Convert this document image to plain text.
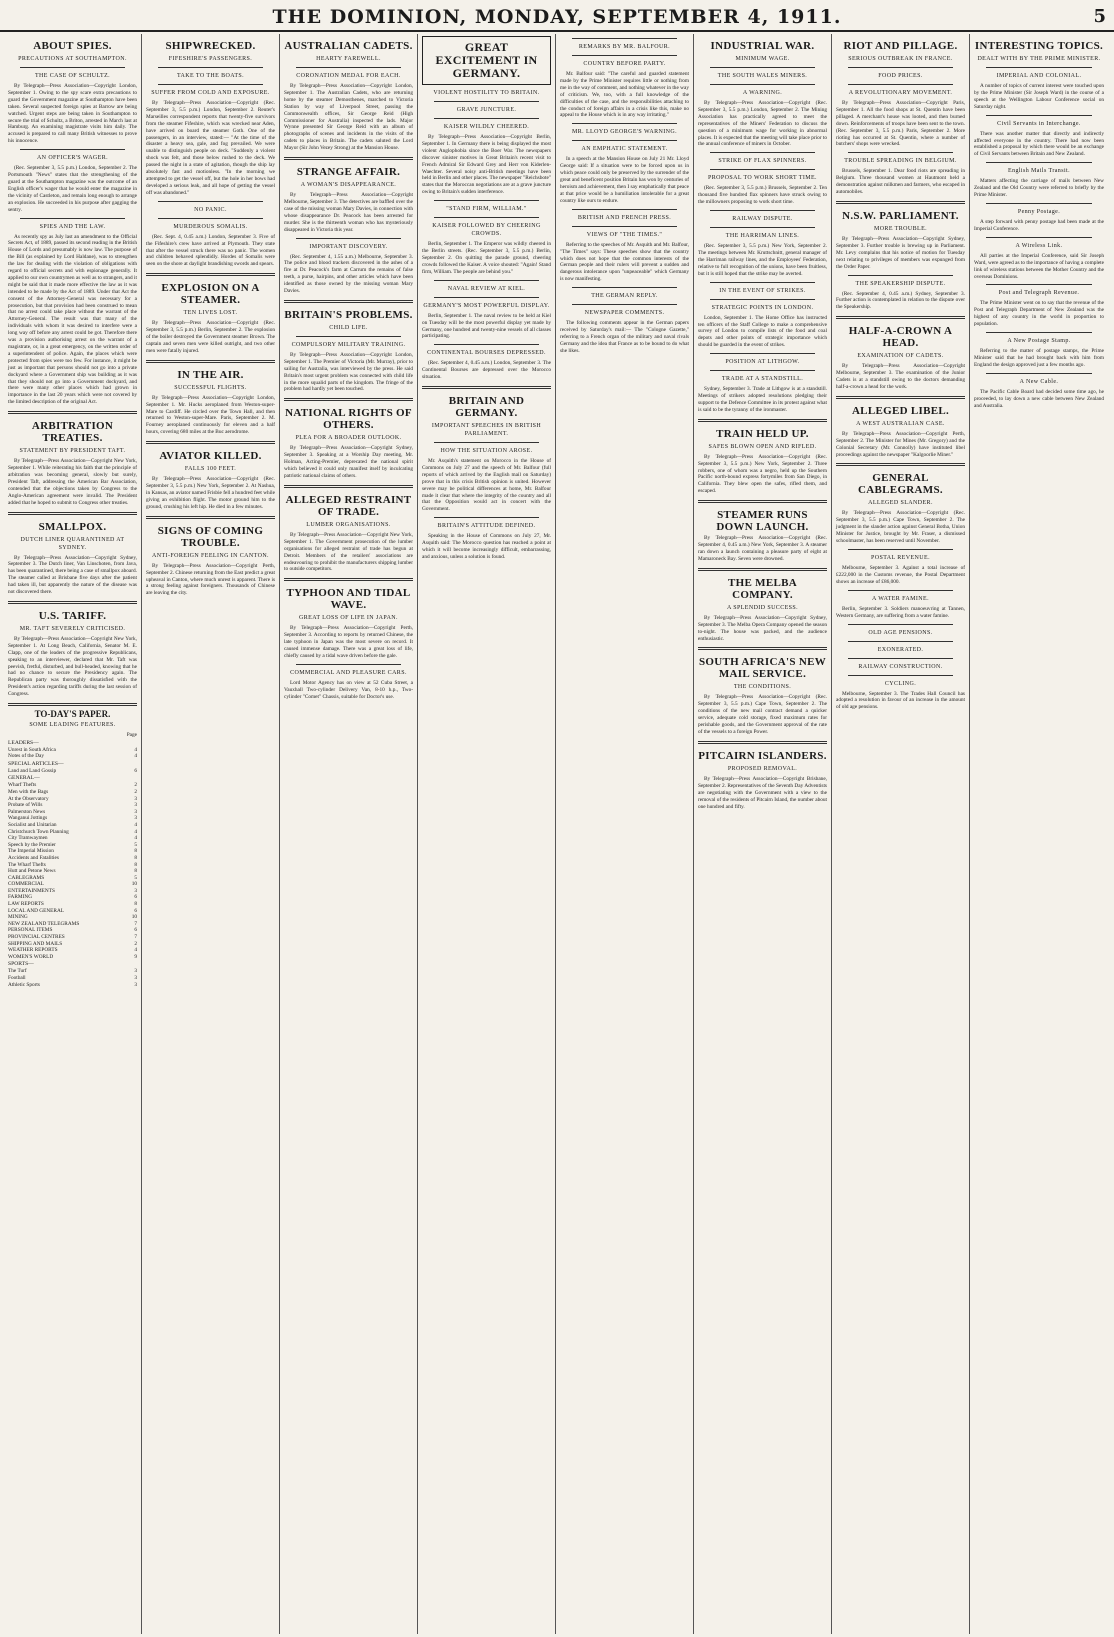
THE DOMINION, MONDAY, SEPTEMBER 4, 1911.	5
ABOUT SPIES.
PRECAUTIONS AT SOUTHAMPTON.
THE CASE OF SCHULTZ.

By Telegraph—Press Association—Copyright London, September 1. Owing to the spy scare extra precautions to guard the Government magazine at Southampton have been taken. Several suspected foreign spies at Barrow are being watched. Urgent steps are being taken in Southampton to secure the trial of Schultz, a Briton, arrested in March last at Hamburg. An examining magistrate visits him daily. The accused is prepared to call many British witnesses to prove his innocence.

AN OFFICER'S WAGER.

(Rec. September 3, 5.5 p.m.) London, September 2. The Portsmouth "News" states that the strengthening of the guard at the Southampton magazine was the outcome of an English officer's wager that he would enter the magazine in the vicinity of Castleton, and remain long enough to arrange an explosion. He succeeded in his purpose after gagging the sentry.

SPIES AND THE LAW.

As recently spy as July last an amendment to the Official Secrets Act, of 1889, passed its second reading in the British House of Lords and presumably is now law. The purpose of the Bill (as explained by Lord Haldane), was to strengthen the law for dealing with the violation of obligations with regard to official secrets and with espionage generally. It applied to our own countrymen as well as to strangers, and it might be said that it made more effective the law as it was intended to be made by the Act of 1889. Under that Act the consent of the Attorney-General was necessary for a prosecution, but that provision had been construed to mean that no arrest could take place without the warrant of the Attorney-General. The result was that many of the individuals with whom it was desired to interfere were a long way off before any arrest could be got. Therefore there was a provision authorising arrest on the warrant of a magistrate, or, in a great emergency, on the written order of a superintendent of police. Again, the places which were protected from spies were too few. For instance, it might be just as important that persons should not go into a private dockyard where a Government ship was building as it was that they should not go into a Government dockyard, and there were many other places which had grown in importance in the last 20 years which were not covered by the limited description of the original Act.

ARBITRATION TREATIES.
STATEMENT BY PRESIDENT TAFT.

By Telegraph—Press Association—Copyright New York, September 1. While reiterating his faith that the principle of arbitration was becoming general, slowly but surely, President Taft, addressing the American Bar Association, contended that the objections taken by Congress to the Anglo-American agreement were invalid. The President added that he hoped to submit to Congress other treaties.

SMALLPOX.
DUTCH LINER QUARANTINED AT SYDNEY.

By Telegraph—Press Association—Copyright Sydney, September 3. The Dutch liner, Van Linschoten, from Java, has been quarantined, there being a case of smallpox aboard. The steamer called at Brisbane five days after the patient had taken ill, but apparently the nature of the disease was not discovered there.

U.S. TARIFF.
MR. TAFT SEVERELY CRITICISED.

By Telegraph—Press Association—Copyright New York, September 1. At Long Beach, California, Senator M. E. Clapp, one of the leaders of the progressive Republicans, speaking to an interviewer, declared that Mr. Taft was peevish, fretful, disturbed, and bull-headed, knowing that he had no chance to secure the Presidency again. The Republican party was thoroughly dissatisfied with the President's action regarding tariffs during the last session of Congress.

TO-DAY'S PAPER.
SOME LEADING FEATURES.
Page
LEADERS—
Unrest in South Africa	4
Notes of the Day	4
SPECIAL ARTICLES—
Land and Land Gossip	6
GENERAL—
Wharf Thefts	2
Men with the Bags	2
At the Observatory	3
Probate of Wills	3
Palmerston News	3
Wanganui Jottings	3
Socialist and Unitarian	4
Christchurch Town Planning	4
City Tramwaymen	4
Speech by the Premier	5
The Imperial Mission	8
Accidents and Fatalities	8
The Wharf Thefts	8
Hutt and Petone News	8
CABLEGRAMS	5
COMMERCIAL	10
ENTERTAINMENTS	3
FARMING	6
LAW REPORTS	8
LOCAL AND GENERAL	6
MINING	10
NEW ZEALAND TELEGRAMS	7
PERSONAL ITEMS	6
PROVINCIAL CENTRES	7
SHIPPING AND MAILS	2
WEATHER REPORTS	4
WOMEN'S WORLD	9
SPORTS—
The Turf	3
Football	3
Athletic Sports	3
SHIPWRECKED.
FIFESHIRE'S PASSENGERS.
TAKE TO THE BOATS.
SUFFER FROM COLD AND EXPOSURE.

By Telegraph—Press Association—Copyright (Rec. September 3, 5.5 p.m.) London, September 2. Reuter's Marseilles correspondent reports that twenty-five survivors from the steamer Fifeshire, which was wrecked near Aden, have arrived on board the steamer Goth. One of the passengers, in an interview, stated:— "At the time of the disaster a heavy sea, gale, and fog prevailed. We were unable to distinguish people on deck. "Suddenly a violent shock was felt, and those below rushed to the deck. We passed the night in a state of agitation, though the ship lay absolutely fast and motionless. "In the morning we attempted to get the vessel off, but the hole in her bows had developed a serious leak, and all hope of getting the vessel off was abandoned."

NO PANIC.
MURDEROUS SOMALIS.

(Rec. Sept. 4, 0.45 a.m.) London, September 3. Five of the Fifeshire's crew have arrived at Plymouth. They state that after the vessel struck there was no panic. The women and children behaved splendidly. Hordes of Somalis were seen on the shore at daylight brandishing swords and spears.

EXPLOSION ON A STEAMER.
TEN LIVES LOST.

By Telegraph—Press Association—Copyright (Rec. September 3, 5.5 p.m.) Berlin, September 2. The explosion of the boiler destroyed the Government steamer Brown. The captain and seven men were killed outright, and two other men were fatally injured.

IN THE AIR.
SUCCESSFUL FLIGHTS.

By Telegraph—Press Association—Copyright London, September 1. Mr. Hucks aeroplaned from Weston-super-Mare to Cardiff. He circled over the Town Hall, and then returned to Weston-super-Mare. Paris, September 2. M. Fourney aeroplaned continuously for eleven and a half hours, covering 680 miles at the Buc aerodrome.

AVIATOR KILLED.
FALLS 100 FEET.

By Telegraph—Press Association—Copyright (Rec. September 3, 5.5 p.m.) New York, September 2. At Nashua, in Kansas, an aviator named Frisbie fell a hundred feet while giving an exhibition flight. The motor ground him to the ground, crushing his left hip. He died in a few minutes.

SIGNS OF COMING TROUBLE.
ANTI-FOREIGN FEELING IN CANTON.

By Telegraph—Press Association—Copyright Perth, September 2. Chinese returning from the East predict a great upheaval in Canton, where much unrest is apparent. There is a strong feeling against foreigners. Thousands of Chinese are leaving the city.

AUSTRALIAN CADETS.
HEARTY FAREWELL.
CORONATION MEDAL FOR EACH.

By Telegraph—Press Association—Copyright London, September 1. The Australian Cadets, who are returning home by the steamer Demosthenes, marched to Victoria Station by way of Liverpool Street, passing the Commonwealth offices, Sir George Reid (High Commissioner for Australia) inspected the lads. Major Wynne presented Sir George Reid with an album of photographs of scenes and incidents in the visits of the cadets to places in Britain. The cadets saluted the Lord Mayor (Sir John Vezey Strong) at the Mansion House.

STRANGE AFFAIR.
A WOMAN'S DISAPPEARANCE.

By Telegraph—Press Association—Copyright Melbourne, September 3. The detectives are baffled over the case of the missing woman Mary Davies, in connection with whose disappearance Dr. Peacock has been arrested for murder. She is the thirteenth woman who has mysteriously disappeared in Victoria this year.

IMPORTANT DISCOVERY.

(Rec. September 4, 1.55 a.m.) Melbourne, September 3. The police and blood trackers discovered in the ashes of a fire at Dr. Peacock's farm at Carrum the remains of false teeth, a purse, hairpins, and other articles which have been identified as those owned by the missing woman Mary Davies.

BRITAIN'S PROBLEMS.
CHILD LIFE.
COMPULSORY MILITARY TRAINING.

By Telegraph—Press Association—Copyright London, September 1. The Premier of Victoria (Mr. Murray), prior to sailing for Australia, was interviewed by the press. He said Britain's most urgent problem was connected with child life in the more squalid parts of the kingdom. The fringe of the problem had hardly yet been touched.

NATIONAL RIGHTS OF OTHERS.
PLEA FOR A BROADER OUTLOOK.

By Telegraph—Press Association—Copyright Sydney, September 3. Speaking at a Worship Day meeting, Mr. Holman, Acting-Premier, deprecated the national spirit which believed it could only manifest itself by inculcating patriotic national claims of others.

ALLEGED RESTRAINT OF TRADE.
LUMBER ORGANISATIONS.

By Telegraph—Press Association—Copyright New York, September 1. The Government prosecution of the lumber organisations for alleged restraint of trade has begun at Detroit. Members of the retailers' associations are endeavouring to prohibit the manufacturers shipping lumber to outside competitors.

TYPHOON AND TIDAL WAVE.
GREAT LOSS OF LIFE IN JAPAN.

By Telegraph—Press Association—Copyright Perth, September 3. According to reports by returned Chinese, the late typhoon in Japan was the most severe on record. It caused immense damage. There was a great loss of life, chiefly caused by a tidal wave driven before the gale.

COMMERCIAL AND PLEASURE CARS.

Lord Motor Agency has on view at 52 Cuba Street, a Vauxhall Two-cylinder Delivery Van, 8-10 h.p., Two-cylinder "Comet" Chassis, suitable for Doctor's use.

GREAT EXCITEMENT IN GERMANY.
VIOLENT HOSTILITY TO BRITAIN.
GRAVE JUNCTURE.
KAISER WILDLY CHEERED.

By Telegraph—Press Association—Copyright Berlin, September 1. In Germany there is being displayed the most violent Anglophobia since the Boer War. The newspapers discover sinister motives in Great Britain's recent visit to French Admiral Sir Edward Grey and Herr von Kiderlen-Waechter. Several noisy anti-British meetings have been held in Berlin and other places. The newspaper "Reichsbote" states that the Moroccan negotiations are at a grave juncture owing to Britain's sudden interference.

"STAND FIRM, WILLIAM."
KAISER FOLLOWED BY CHEERING CROWDS.

Berlin, September 1. The Emperor was wildly cheered in the Berlin streets. (Rec. September 3, 5.5 p.m.) Berlin, September 2. On quitting the parade ground, cheering crowds followed the Kaiser. A voice shouted: "Again! Stand firm, William. The people are behind you."

NAVAL REVIEW AT KIEL.
GERMANY'S MOST POWERFUL DISPLAY.

Berlin, September 1. The naval review to be held at Kiel on Tuesday will be the most powerful display yet made by Germany, one hundred and twenty-nine vessels of all classes participating.

CONTINENTAL BOURSES DEPRESSED.

(Rec. September 4, 0.45 a.m.) London, September 3. The Continental Bourses are depressed over the Morocco situation.

BRITAIN AND GERMANY.
IMPORTANT SPEECHES IN BRITISH PARLIAMENT.
HOW THE SITUATION AROSE.

Mr. Asquith's statement on Morocco in the House of Commons on July 27 and the speech of Mr. Balfour (full reports of which arrived by the English mail on Saturday) prove that in this crisis British opinion is united. However severe may be political differences at home, Mr. Balfour made it clear that where the integrity of the country and all that the Opposition would act in concert with the Government.

BRITAIN'S ATTITUDE DEFINED.

Speaking in the House of Commons on July 27, Mr. Asquith said: The Morocco question has reached a point at which it will become increasingly difficult, embarrassing, and anxious, unless a solution is found.

REMARKS BY MR. BALFOUR.
COUNTRY BEFORE PARTY.

Mr. Balfour said: "The careful and guarded statement made by the Prime Minister requires little or nothing from me in the way of comment, and nothing whatever in the way of criticism. We, too, with a full knowledge of the difficulties of the case, and the responsibilities attaching to the conduct of foreign affairs in a crisis like this, make no appeal to the House which is in any way irritating."

MR. LLOYD GEORGE'S WARNING.
AN EMPHATIC STATEMENT.

In a speech at the Mansion House on July 21 Mr. Lloyd George said: If a situation were to be forced upon us in which peace could only be preserved by the surrender of the great and beneficent position Britain has won by centuries of heroism and achievement, then I say emphatically that peace at that price would be a humiliation intolerable for a great country like ours to endure.

BRITISH AND FRENCH PRESS.
VIEWS OF "THE TIMES."

Referring to the speeches of Mr. Asquith and Mr. Balfour, "The Times" says: These speeches show that the country which does not hope that the common interests of the German people and their rulers will prevent a sudden and dangerous intolerance upon "unpeaceable" which Germany is now manifesting.

THE GERMAN REPLY.
NEWSPAPER COMMENTS.

The following comments appear in the German papers received by Saturday's mail:— The "Cologne Gazette," referring to a French organ of the military and naval rivals Germany and the idea that France as to be bound to do what she likes.

INDUSTRIAL WAR.
MINIMUM WAGE.
THE SOUTH WALES MINERS.
A WARNING.

By Telegraph—Press Association—Copyright (Rec. September 3, 5.5 p.m.) London, September 2. The Mining Association has practically agreed to meet the representatives of the Miners' Federation to discuss the question of a minimum wage for working in abnormal places. It is expected that the meeting will take place prior to the annual conference of miners in October.

STRIKE OF FLAX SPINNERS.
PROPOSAL TO WORK SHORT TIME.

(Rec. September 3, 5.5 p.m.) Brussels, September 2. Ten thousand five hundred flax spinners have struck owing to the millowners proposing to work short time.

RAILWAY DISPUTE.
THE HARRIMAN LINES.

(Rec. September 3, 5.5 p.m.) New York, September 2. The meetings between Mr. Kruttschnitt, general manager of the Harriman railway lines, and the Employees' Federation, relative to full recognition of the unions, have been fruitless, but it is still hoped that the strike may be averted.

IN THE EVENT OF STRIKES.
STRATEGIC POINTS IN LONDON.

London, September 1. The Home Office has instructed ten officers of the Staff College to make a comprehensive survey of London to compile lists of the food and coal depots and other points of strategic importance which should be guarded in the event of strikes.

POSITION AT LITHGOW.
TRADE AT A STANDSTILL.

Sydney, September 3. Trade at Lithgow is at a standstill. Meetings of strikers adopted resolutions pledging their support to the Defence Committee in its protest against what is said to be the tyranny of the ironmaster.

TRAIN HELD UP.
SAFES BLOWN OPEN AND RIFLED.

By Telegraph—Press Association—Copyright (Rec. September 3, 5.5 p.m.) New York, September 2. Three robbers, one of whom was a negro, held up the Southern Pacific north-bound express fortymiles from San Diego, in California. They blew open the safes, rifled them, and escaped.

STEAMER RUNS DOWN LAUNCH.

By Telegraph—Press Association—Copyright (Rec. September 4, 0.45 a.m.) New York, September 3. A steamer ran down a launch containing a pleasure party of eight at Mamaroneck Bay. Seven were drowned.

THE MELBA COMPANY.
A SPLENDID SUCCESS.

By Telegraph—Press Association—Copyright Sydney, September 3. The Melba Opera Company opened the season to-night. The house was packed, and the audience enthusiastic.

SOUTH AFRICA'S NEW MAIL SERVICE.
THE CONDITIONS.

By Telegraph—Press Association—Copyright (Rec. September 3, 5.5 p.m.) Cape Town, September 2. The conditions of the new mail contract demand a quicker service, adequate cold storage, fixed maximum rates for perishable goods, and the Government approval of the rate of the vessels to a foreign Power.

PITCAIRN ISLANDERS.
PROPOSED REMOVAL.

By Telegraph—Press Association—Copyright Brisbane, September 2. Representatives of the Seventh Day Adventists are negotiating with the Government with a view to the removal of the residents of Pitcairn Island, the number about one hundred and fifty.

RIOT AND PILLAGE.
SERIOUS OUTBREAK IN FRANCE.
FOOD PRICES.
A REVOLUTIONARY MOVEMENT.

By Telegraph—Press Association—Copyright Paris, September 1. All the food shops at St. Quentin have been pillaged. A merchant's house was looted, and then burned down. Reinforcements of troops have been sent to the town. (Rec. September 3, 5.5 p.m.) Paris, September 2. More rioting has occurred at St. Quentin, where a number of butchers' shops were wrecked.

TROUBLE SPREADING IN BELGIUM.

Brussels, September 1. Dear food riots are spreading in Belgium. Three thousand women at Hautmont held a demonstration against milkmen and farmers, who escaped in automobiles.

N.S.W. PARLIAMENT.
MORE TROUBLE.

By Telegraph—Press Association—Copyright Sydney, September 3. Further trouble is brewing up in Parliament. Mr. Levy complains that his notice of motion for Tuesday next relating to privileges of members was expunged from the Order Paper.

THE SPEAKERSHIP DISPUTE.

(Rec. September 4, 0.45 a.m.) Sydney, September 3. Further action is contemplated in relation to the dispute over the Speakership.

HALF-A-CROWN A HEAD.
EXAMINATION OF CADETS.

By Telegraph—Press Association—Copyright Melbourne, September 3. The examination of the Junior Cadets is at a standstill owing to the doctors demanding half-a-crown a head for the work.

ALLEGED LIBEL.
A WEST AUSTRALIAN CASE.

By Telegraph—Press Association—Copyright Perth, September 2. The Minister for Mines (Mr. Gregory) and the Colonial Secretary (Mr. Connolly) have instituted libel proceedings against the newspaper "Kalgoorlie Miner."

GENERAL CABLEGRAMS.
ALLEGED SLANDER.

By Telegraph—Press Association—Copyright (Rec. September 3, 5.5 p.m.) Cape Town, September 2. The judgment in the slander action against General Botha, Union Minister for Justice, brought by Mr. Fraser, a dismissed schoolmaster, has been reserved until November.

POSTAL REVENUE.

Melbourne, September 3. Against a total increase of £222,000 in the Customs revenue, the Postal Department shows an increase of £86,000.

A WATER FAMINE.

Berlin, September 3. Soldiers manoeuvring at Tannen, Western Germany, are suffering from a water famine.

OLD AGE PENSIONS.
EXONERATED.
RAILWAY CONSTRUCTION.
CYCLING.

Melbourne, September 3. The Trades Hall Council has adopted a resolution in favour of an increase in the amount of old age pensions.

INTERESTING TOPICS.
DEALT WITH BY THE PRIME MINISTER.
IMPERIAL AND COLONIAL.

A number of topics of current interest were touched upon by the Prime Minister (Sir Joseph Ward) in the course of a speech at the Wellington Labour Conference social on Saturday night.

Civil Servants in Interchange.

There was another matter that directly and indirectly affected everyone in the country. There had now been established a proposal by which there would be an exchange of Civil Servants between Britain and New Zealand.

English Mails Transit.

Matters affecting the carriage of mails between New Zealand and the Old Country were referred to briefly by the Prime Minister.

Penny Postage.

A step forward with penny postage had been made at the Imperial Conference.

A Wireless Link.

All parties at the Imperial Conference, said Sir Joseph Ward, were agreed as to the importance of having a complete link of wireless stations between the Mother Country and the overseas Dominions.

Post and Telegraph Revenue.

The Prime Minister went on to say that the revenue of the Post and Telegraph Department of New Zealand was the highest of any country in the world in proportion to population.

A New Postage Stamp.

Referring to the matter of postage stamps, the Prime Minister said that he had brought back with him from England the design approved just a few months ago.

A New Cable.

The Pacific Cable Board had decided some time ago, he proceeded, to lay down a new cable between New Zealand and Australia.
